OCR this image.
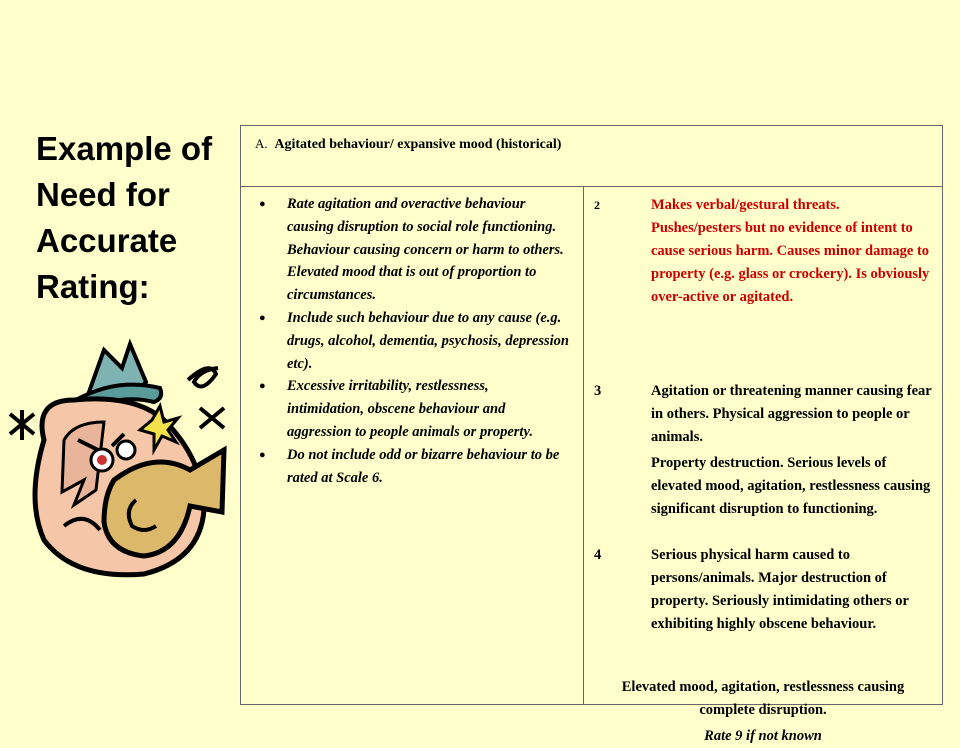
Example of Need for Accurate Rating:
A. Agitated behaviour/ expansive mood (historical)

● Rate agitation and overactive behaviour causing disruption to social role functioning. Behaviour causing concern or harm to others. Elevated mood that is out of proportion to circumstances.
● Include such behaviour due to any cause (e.g. drugs, alcohol, dementia, psychosis, depression etc).
● Excessive irritability, restlessness, intimidation, obscene behaviour and aggression to people animals or property.
● Do not include odd or bizarre behaviour to be rated at Scale 6.

2	Makes verbal/gestural threats. Pushes/pesters but no evidence of intent to cause serious harm. Causes minor damage to property (e.g. glass or crockery). Is obviously over-active or agitated.
3	Agitation or threatening manner causing fear in others. Physical aggression to people or animals.
Property destruction. Serious levels of elevated mood, agitation, restlessness causing significant disruption to functioning.
4	Serious physical harm caused to persons/animals. Major destruction of property. Seriously intimidating others or exhibiting highly obscene behaviour.
Elevated mood, agitation, restlessness causing complete disruption.
Rate 9 if not known
